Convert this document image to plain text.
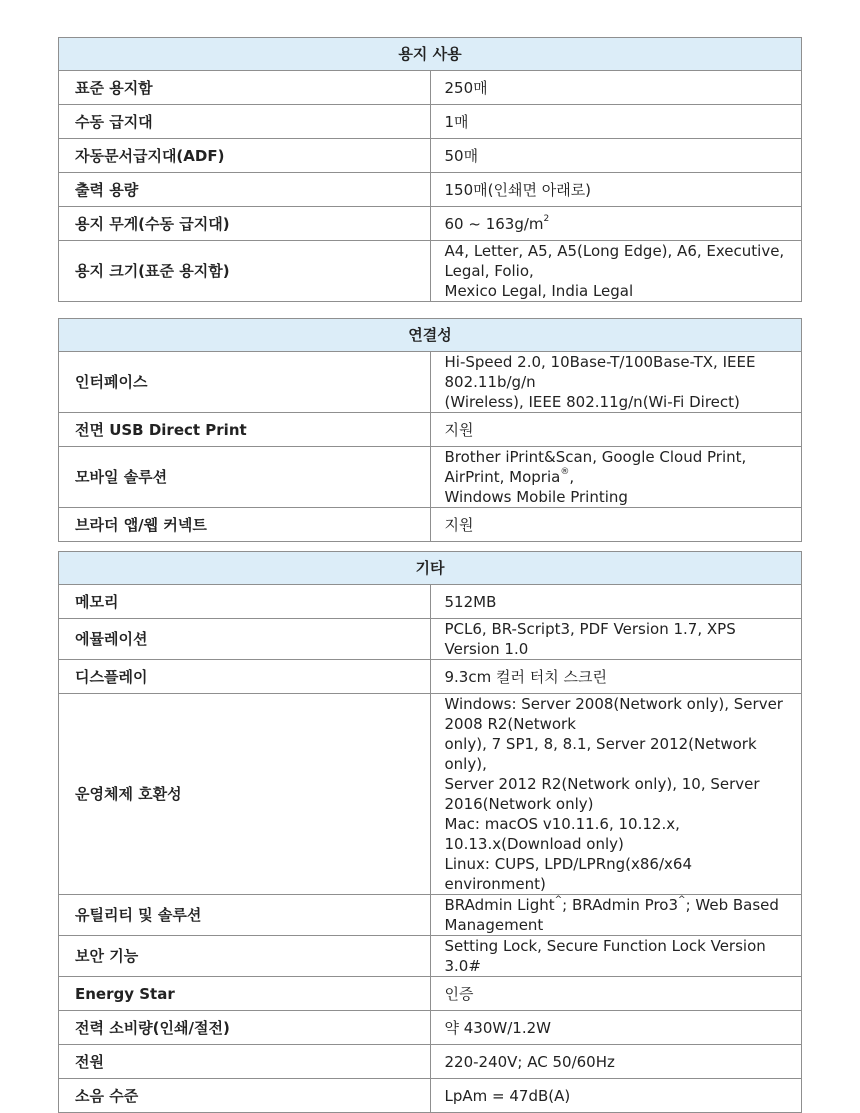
용지 사용	
표준 용지함	250매
수동 급지대	1매
자동문서급지대(ADF)	50매
출력 용량	150매(인쇄면 아래로)
용지 무게(수동 급지대)	60 ~ $163g/m^2$
용지 크기(표준 용지함)	A4, Letter, A5, A5(Long Edge), A6, Executive, Legal, Folio,
Mexico Legal, India Legal
연결성	
인터페이스	Hi-Speed 2.0, 10Base-T/100Base-TX, IEEE 802.11b/g/n
(Wireless), IEEE 802.11g/n(Wi-Fi Direct)

전면 USB Direct Print	지원
모바일 솔루션	Brother iPrint&Scan, Google Cloud Print, AirPrint, Mopria®,
Windows Mobile Printing

브라더 앱/웹 커넥트	지원
기타	
메모리	512MB
에뮬레이션	PCL6, BR-Script3, PDF Version 1.7, XPS Version 1.0
디스플레이	9.3cm 컬러 터치 스크린
운영체제 호환성	Windows: Server 2008(Network only), Server 2008 R2(Network
only), 7 SP1, 8, 8.1, Server 2012(Network only),
Server 2012 R2(Network only), 10, Server 2016(Network only)
Mac: macOS v10.11.6, 10.12.x, 10.13.x(Download only)
Linux: CUPS, LPD/LPRng(x86/x64 environment)

유틸리티 및 솔루션	BRAdmin Light^; BRAdmin Pro3^; Web Based Management
보안 기능	Setting Lock, Secure Function Lock Version 3.0#
Energy Star	인증
전력 소비량(인쇄/절전)	약 430W/1.2W
전원	220-240V; AC 50/60Hz
소음 수준	LpAm = 47dB(A)
